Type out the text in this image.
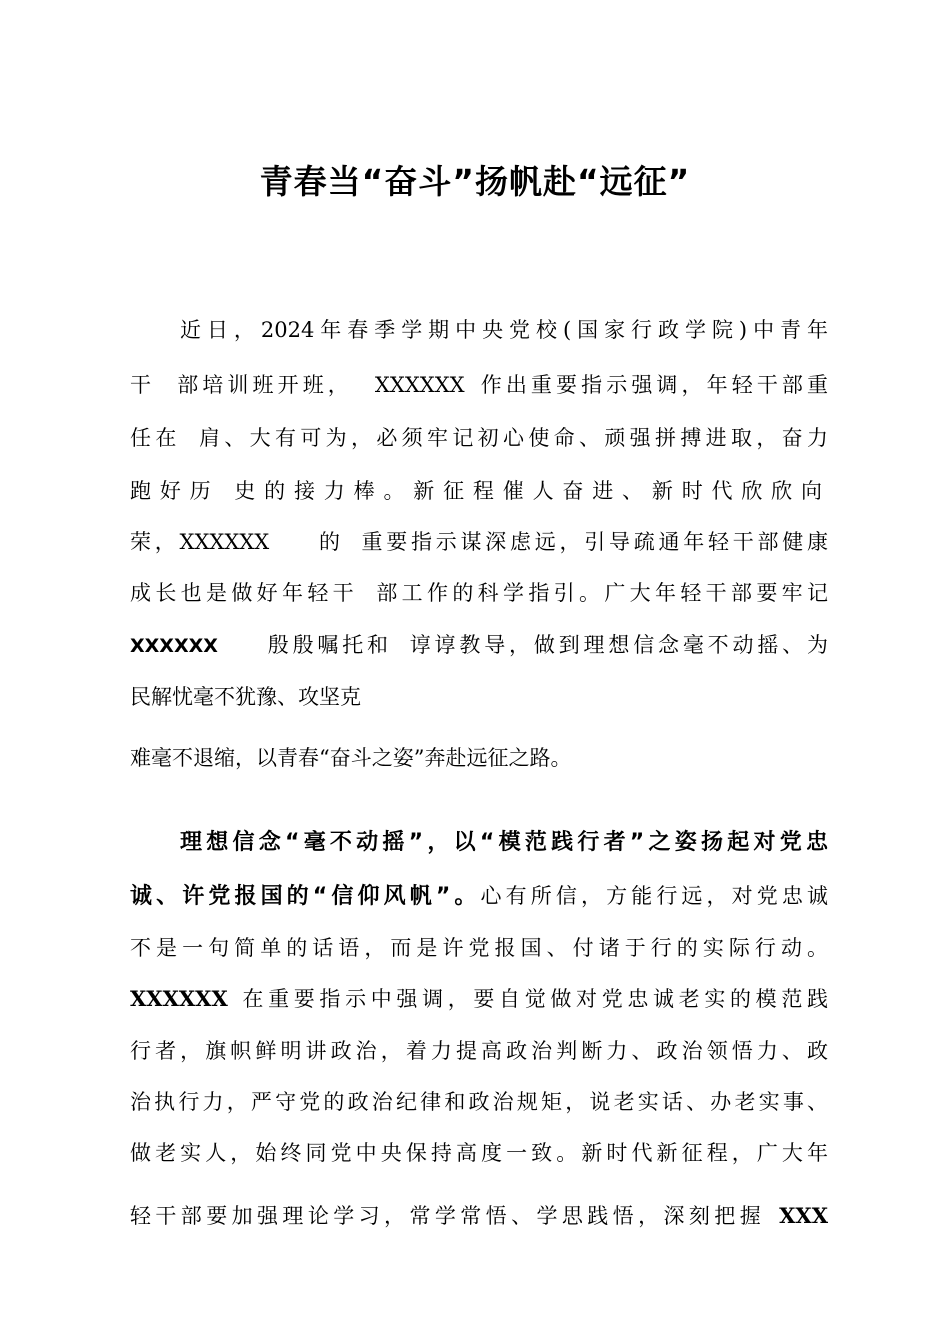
青春当“奋斗”扬帆赴“远征”
近日，2024年春季学期中央党校(国家行政学院)中青年
干 部培训班开班， XXXXXX 作出重要指示强调，年轻干部重
任在 肩、大有可为，必须牢记初心使命、顽强拼搏进取，奋力
跑好历 史的接力棒。新征程催人奋进、新时代欣欣向
荣，XXXXXX 的 重要指示谋深虑远，引导疏通年轻干部健康
成长也是做好年轻干 部工作的科学指引。广大年轻干部要牢记
XXXXXX 殷殷嘱托和 谆谆教导，做到理想信念毫不动摇、为
民解忧毫不犹豫、攻坚克
难毫不退缩，以青春“奋斗之姿”奔赴远征之路。
理想信念“毫不动摇”，以“模范践行者”之姿扬起对党忠
诚、许党报国的“信仰风帆”。心有所信，方能行远，对党忠诚
不是一句简单的话语，而是许党报国、付诸于行的实际行动。
XXXXXX 在重要指示中强调，要自觉做对党忠诚老实的模范践
行者，旗帜鲜明讲政治，着力提高政治判断力、政治领悟力、政
治执行力，严守党的政治纪律和政治规矩，说老实话、办老实事、
做老实人，始终同党中央保持高度一致。新时代新征程，广大年
轻干部要加强理论学习，常学常悟、学思践悟，深刻把握 XXX
